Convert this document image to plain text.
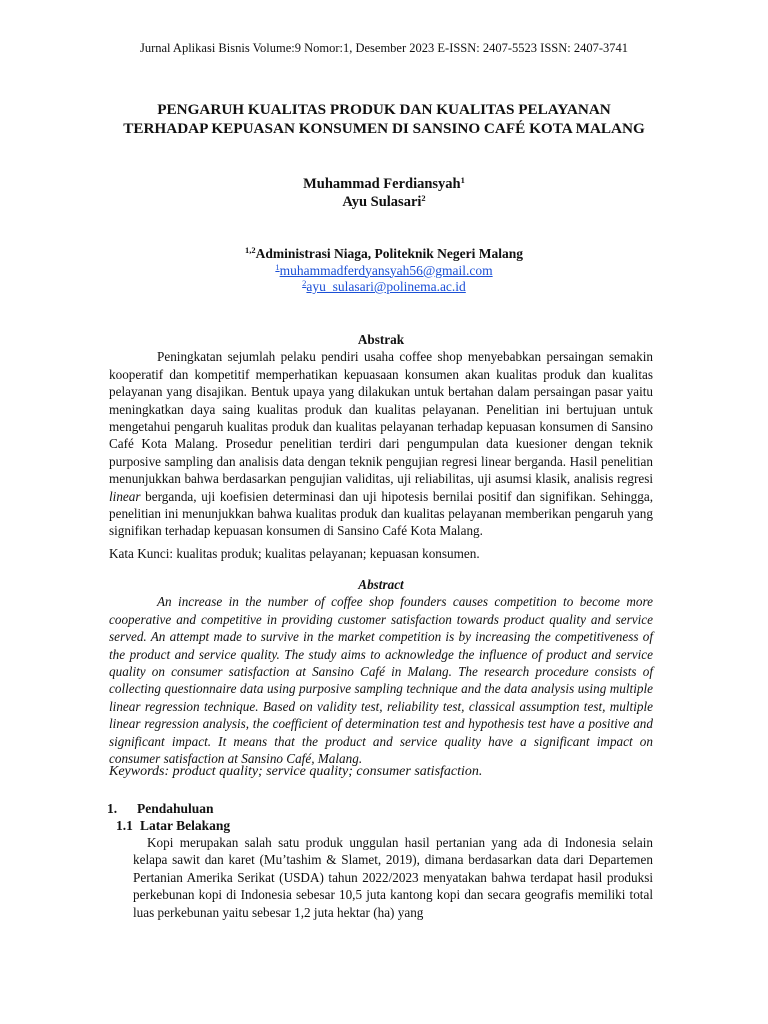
Jurnal Aplikasi Bisnis Volume:9 Nomor:1, Desember 2023 E-ISSN: 2407-5523 ISSN: 2407-3741
PENGARUH KUALITAS PRODUK DAN KUALITAS PELAYANAN
TERHADAP KEPUASAN KONSUMEN DI SANSINO CAFÉ KOTA MALANG
Muhammad Ferdiansyah$^1$
Ayu Sulasari$^2$
$^{1,2}$Administrasi Niaga, Politeknik Negeri Malang
$^1$muhammadferdyansyah56@gmail.com
$^2$ayu_sulasari@polinema.ac.id
Abstrak
Peningkatan sejumlah pelaku pendiri usaha coffee shop menyebabkan persaingan semakin kooperatif dan kompetitif memperhatikan kepuasaan konsumen akan kualitas produk dan kualitas pelayanan yang disajikan. Bentuk upaya yang dilakukan untuk bertahan dalam persaingan pasar yaitu meningkatkan daya saing kualitas produk dan kualitas pelayanan. Penelitian ini bertujuan untuk mengetahui pengaruh kualitas produk dan kualitas pelayanan terhadap kepuasan konsumen di Sansino Café Kota Malang. Prosedur penelitian terdiri dari pengumpulan data kuesioner dengan teknik purposive sampling dan analisis data dengan teknik pengujian regresi linear berganda. Hasil penelitian menunjukkan bahwa berdasarkan pengujian validitas, uji reliabilitas, uji asumsi klasik, analisis regresi linear berganda, uji koefisien determinasi dan uji hipotesis bernilai positif dan signifikan. Sehingga, penelitian ini menunjukkan bahwa kualitas produk dan kualitas pelayanan memberikan pengaruh yang signifikan terhadap kepuasan konsumen di Sansino Café Kota Malang.
Kata Kunci: kualitas produk; kualitas pelayanan; kepuasan konsumen.
Abstract
An increase in the number of coffee shop founders causes competition to become more cooperative and competitive in providing customer satisfaction towards product quality and service served. An attempt made to survive in the market competition is by increasing the competitiveness of the product and service quality. The study aims to acknowledge the influence of product and service quality on consumer satisfaction at Sansino Café in Malang. The research procedure consists of collecting questionnaire data using purposive sampling technique and the data analysis using multiple linear regression technique. Based on validity test, reliability test, classical assumption test, multiple linear regression analysis, the coefficient of determination test and hypothesis test have a positive and significant impact. It means that the product and service quality have a significant impact on consumer satisfaction at Sansino Café, Malang.
Keywords: product quality; service quality; consumer satisfaction.
1. Pendahuluan
1.1 Latar Belakang
Kopi merupakan salah satu produk unggulan hasil pertanian yang ada di Indonesia selain kelapa sawit dan karet (Mu’tashim & Slamet, 2019), dimana berdasarkan data dari Departemen Pertanian Amerika Serikat (USDA) tahun 2022/2023 menyatakan bahwa terdapat hasil produksi perkebunan kopi di Indonesia sebesar 10,5 juta kantong kopi dan secara geografis memiliki total luas perkebunan yaitu sebesar 1,2 juta hektar (ha) yang
